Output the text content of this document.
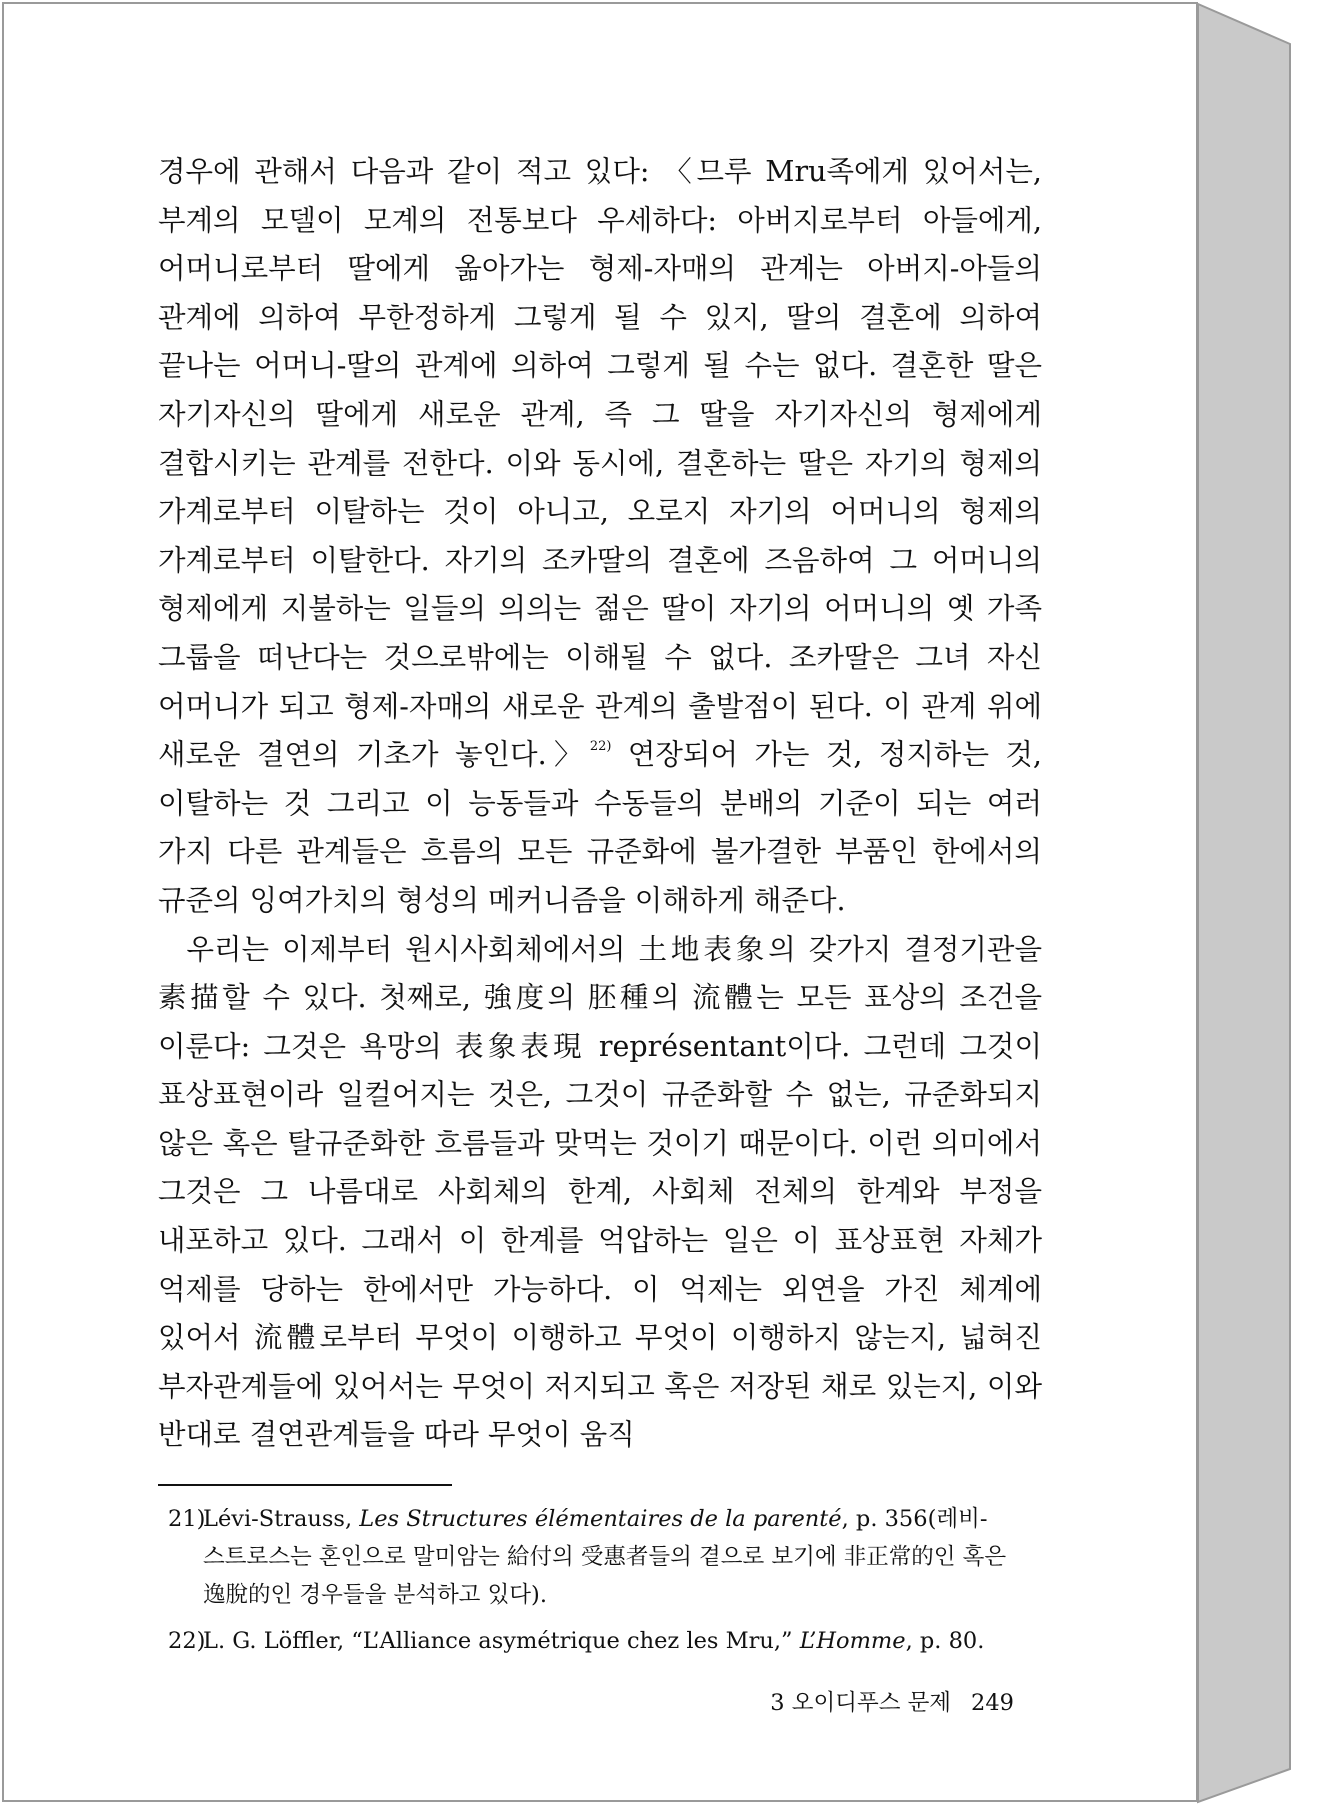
경우에 관해서 다음과 같이 적고 있다: 〈므루 Mru족에게 있어서는, 부계의 모델이 모계의 전통보다 우세하다: 아버지로부터 아들에게, 어머니로부터 딸에게 옮아가는 형제-자매의 관계는 아버지-아들의 관계에 의하여 무한정하게 그렇게 될 수 있지, 딸의 결혼에 의하여 끝나는 어머니-딸의 관계에 의하여 그렇게 될 수는 없다. 결혼한 딸은 자기자신의 딸에게 새로운 관계, 즉 그 딸을 자기자신의 형제에게 결합시키는 관계를 전한다. 이와 동시에, 결혼하는 딸은 자기의 형제의 가계로부터 이탈하는 것이 아니고, 오로지 자기의 어머니의 형제의 가계로부터 이탈한다. 자기의 조카딸의 결혼에 즈음하여 그 어머니의 형제에게 지불하는 일들의 의의는 젊은 딸이 자기의 어머니의 옛 가족 그룹을 떠난다는 것으로밖에는 이해될 수 없다. 조카딸은 그녀 자신 어머니가 되고 형제-자매의 새로운 관계의 출발점이 된다. 이 관계 위에 새로운 결연의 기초가 놓인다.〉$^{22)}$ 연장되어 가는 것, 정지하는 것, 이탈하는 것 그리고 이 능동들과 수동들의 분배의 기준이 되는 여러 가지 다른 관계들은 흐름의 모든 규준화에 불가결한 부품인 한에서의 규준의 잉여가치의 형성의 메커니즘을 이해하게 해준다.

우리는 이제부터 원시사회체에서의 土地表象의 갖가지 결정기관을 素描할 수 있다. 첫째로, 強度의 胚種의 流體는 모든 표상의 조건을 이룬다: 그것은 욕망의 表象表現 représentant이다. 그런데 그것이 표상표현이라 일컬어지는 것은, 그것이 규준화할 수 없는, 규준화되지 않은 혹은 탈규준화한 흐름들과 맞먹는 것이기 때문이다. 이런 의미에서 그것은 그 나름대로 사회체의 한계, 사회체 전체의 한계와 부정을 내포하고 있다. 그래서 이 한계를 억압하는 일은 이 표상표현 자체가 억제를 당하는 한에서만 가능하다. 이 억제는 외연을 가진 체계에 있어서 流體로부터 무엇이 이행하고 무엇이 이행하지 않는지, 넓혀진 부자관계들에 있어서는 무엇이 저지되고 혹은 저장된 채로 있는지, 이와 반대로 결연관계들을 따라 무엇이 움직

21)
Lévi-Strauss, Les Structures élémentaires de la parenté, p. 356(레비-스트로스는 혼인으로 말미암는 給付의 受惠者들의 곁으로 보기에 非正常的인 혹은 逸脫的인 경우들을 분석하고 있다).

22)
L. G. Löffler, “L’Alliance asymétrique chez les Mru,” L’Homme, p. 80.

3 오이디푸스 문제 249
